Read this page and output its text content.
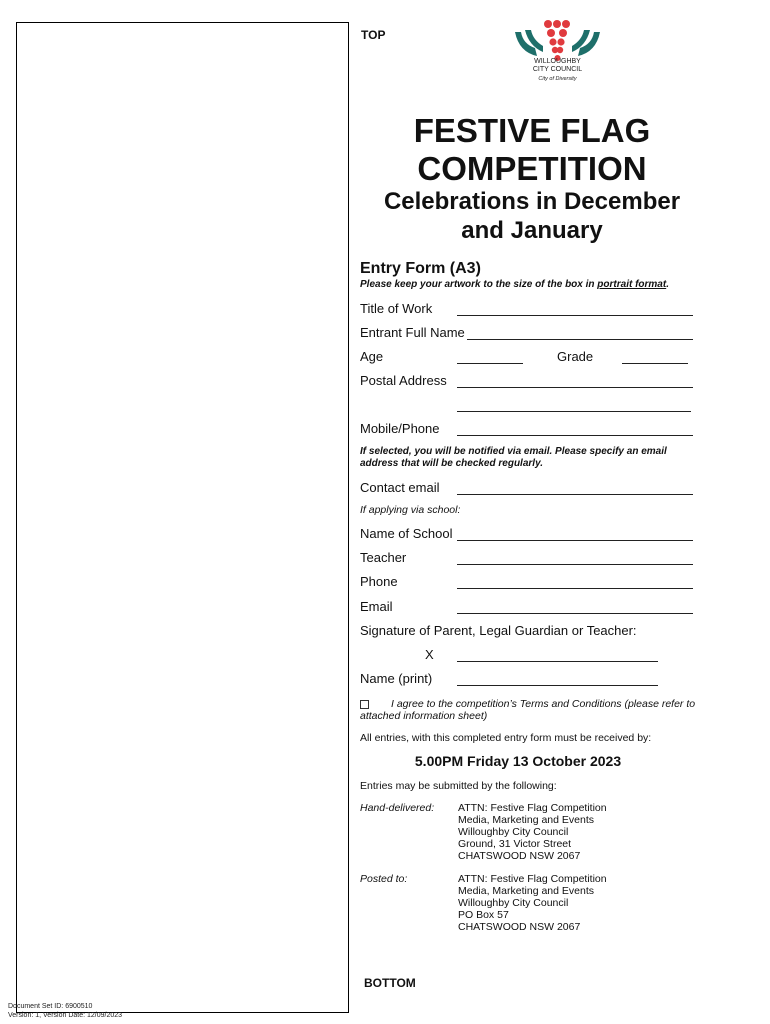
TOP
WILLOUGHBY
CITY COUNCIL
City of Diversity
FESTIVE FLAG
COMPETITION
Celebrations in December
and January
Entry Form (A3)
Please keep your artwork to the size of the box in portrait format.
Title of Work
Entrant Full Name
Age	Grade
Postal Address
Mobile/Phone
If selected, you will be notified via email. Please specify an email address that will be checked regularly.
Contact email
If applying via school:
Name of School
Teacher
Phone
Email
Signature of Parent, Legal Guardian or Teacher:
X
Name (print)
I agree to the competition’s Terms and Conditions (please refer to attached information sheet)
All entries, with this completed entry form must be received by:
5.00PM Friday 13 October 2023
Entries may be submitted by the following:
Hand-delivered: ATTN: Festive Flag Competition
Media, Marketing and Events
Willoughby City Council
Ground, 31 Victor Street
CHATSWOOD NSW 2067
Posted to:	ATTN: Festive Flag Competition
Media, Marketing and Events
Willoughby City Council
PO Box 57
CHATSWOOD NSW 2067
BOTTOM
Document Set ID: 6900510
Version: 1, Version Date: 12/09/2023
